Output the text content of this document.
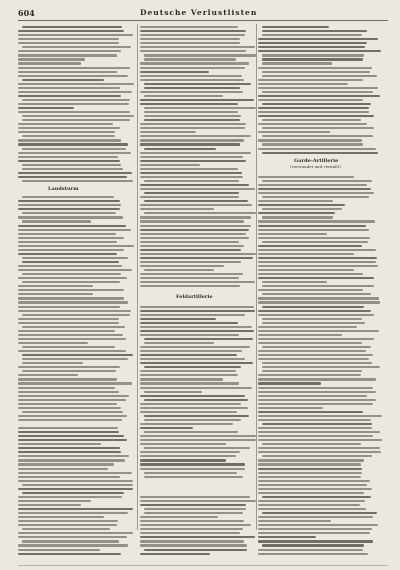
604	Deutsche Verlustlisten
Landsturm
Feldartillerie
Garde-Artillerie
(verwundet und vermißt)
